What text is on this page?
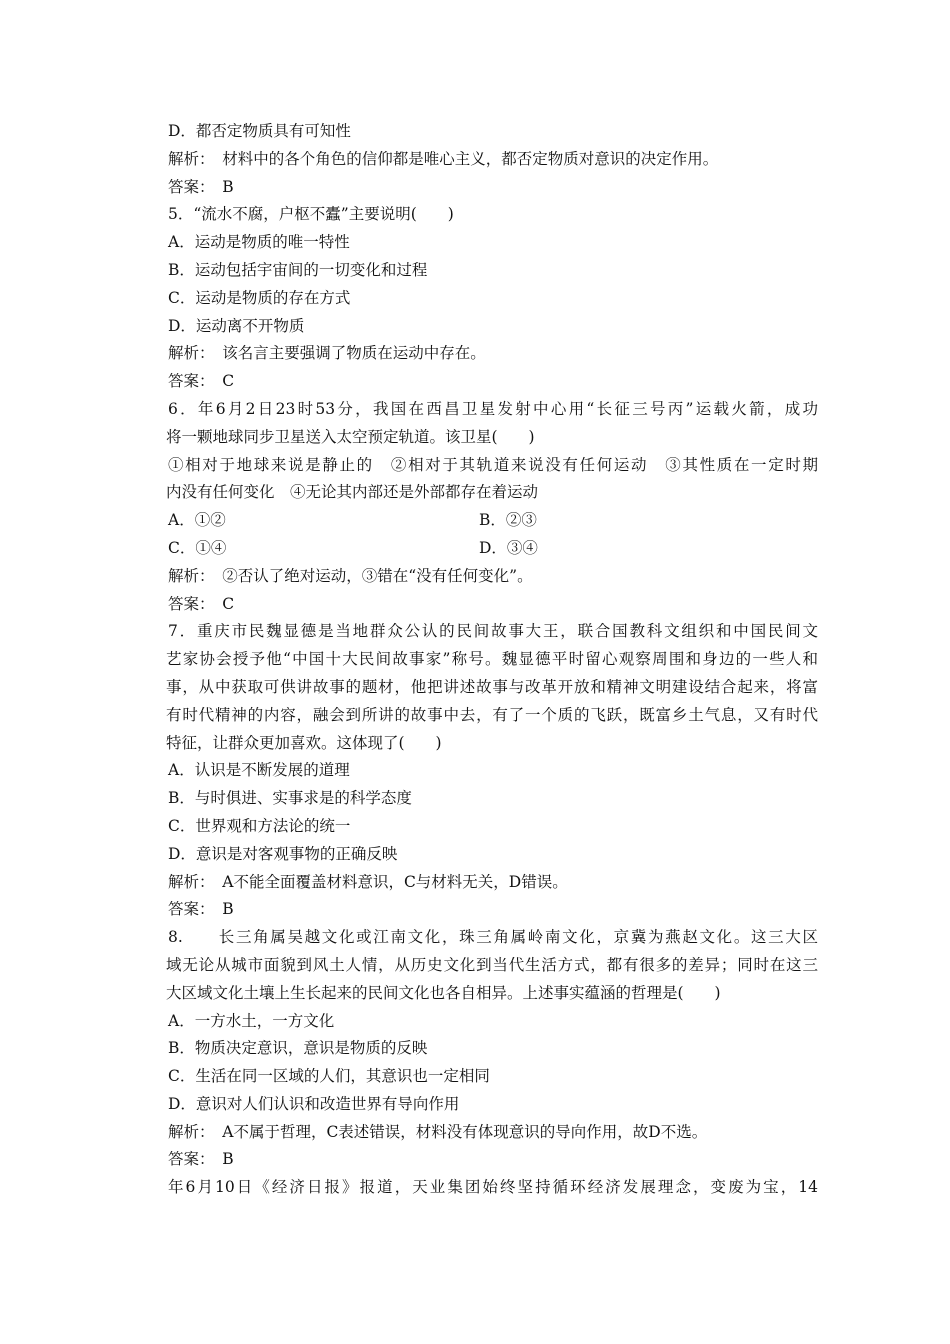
D．都否定物质具有可知性
解析：　材料中的各个角色的信仰都是唯心主义，都否定物质对意识的决定作用。
答案：　B
5．“流水不腐，户枢不蠹”主要说明(　　)
A．运动是物质的唯一特性
B．运动包括宇宙间的一切变化和过程
C．运动是物质的存在方式
D．运动离不开物质
解析：　该名言主要强调了物质在运动中存在。
答案：　C
6．年6月2日23时53分，我国在西昌卫星发射中心用“长征三号丙”运载火箭，成功
将一颗地球同步卫星送入太空预定轨道。该卫星(　　)
①相对于地球来说是静止的　②相对于其轨道来说没有任何运动　③其性质在一定时期
内没有任何变化　④无论其内部还是外部都存在着运动
A．①②	B．②③
C．①④	D．③④
解析：　②否认了绝对运动，③错在“没有任何变化”。
答案：　C
7．重庆市民魏显德是当地群众公认的民间故事大王，联合国教科文组织和中国民间文
艺家协会授予他“中国十大民间故事家”称号。魏显德平时留心观察周围和身边的一些人和
事，从中获取可供讲故事的题材，他把讲述故事与改革开放和精神文明建设结合起来，将富
有时代精神的内容，融会到所讲的故事中去，有了一个质的飞跃，既富乡土气息，又有时代
特征，让群众更加喜欢。这体现了(　　)
A．认识是不断发展的道理
B．与时俱进、实事求是的科学态度
C．世界观和方法论的统一
D．意识是对客观事物的正确反映
解析：　A不能全面覆盖材料意识，C与材料无关，D错误。
答案：　B
8.　　长三角属吴越文化或江南文化，珠三角属岭南文化，京冀为燕赵文化。这三大区
域无论从城市面貌到风土人情，从历史文化到当代生活方式，都有很多的差异；同时在这三
大区域文化土壤上生长起来的民间文化也各自相异。上述事实蕴涵的哲理是(　　)
A．一方水土，一方文化
B．物质决定意识，意识是物质的反映
C．生活在同一区域的人们，其意识也一定相同
D．意识对人们认识和改造世界有导向作用
解析：　A不属于哲理，C表述错误，材料没有体现意识的导向作用，故D不选。
答案：　B
年6月10日《经济日报》报道，天业集团始终坚持循环经济发展理念，变废为宝，14
